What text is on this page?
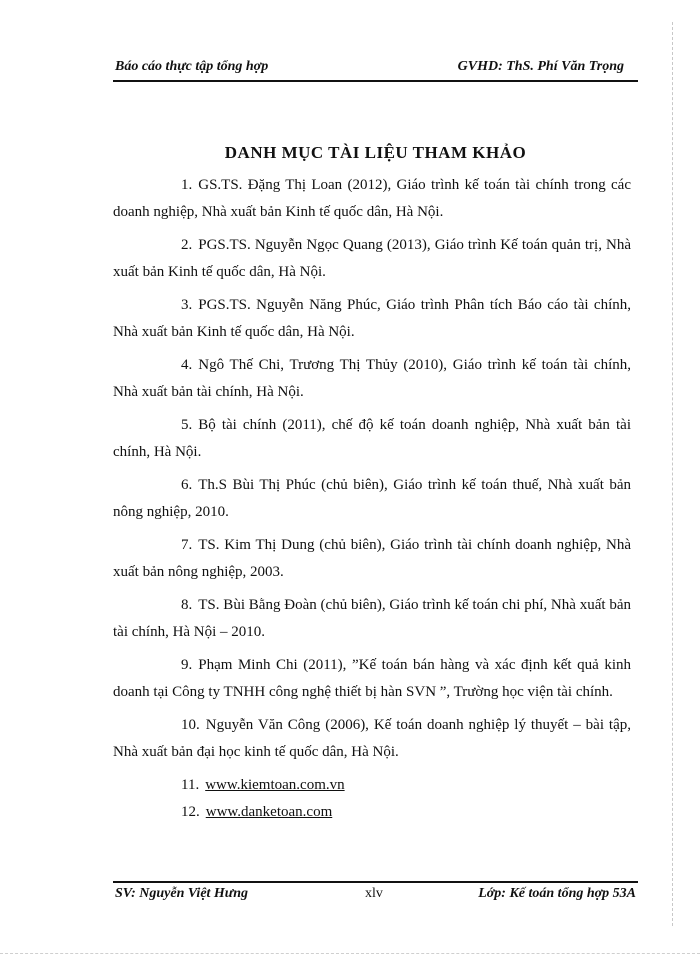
Báo cáo thực tập tổng hợp	GVHD: ThS. Phí Văn Trọng
DANH MỤC TÀI LIỆU THAM KHẢO

1. GS.TS. Đặng Thị Loan (2012), Giáo trình kế toán tài chính trong các doanh nghiệp, Nhà xuất bản Kinh tế quốc dân, Hà Nội.

2. PGS.TS. Nguyễn Ngọc Quang (2013), Giáo trình Kế toán quản trị, Nhà xuất bản Kinh tế quốc dân, Hà Nội.

3. PGS.TS. Nguyễn Năng Phúc, Giáo trình Phân tích Báo cáo tài chính, Nhà xuất bản Kinh tế quốc dân, Hà Nội.

4. Ngô Thế Chi, Trương Thị Thủy (2010), Giáo trình kế toán tài chính, Nhà xuất bản tài chính, Hà Nội.

5. Bộ tài chính (2011), chế độ kế toán doanh nghiệp, Nhà xuất bản tài chính, Hà Nội.

6. Th.S Bùi Thị Phúc (chủ biên), Giáo trình kế toán thuế, Nhà xuất bản nông nghiệp, 2010.

7. TS. Kim Thị Dung (chủ biên), Giáo trình tài chính doanh nghiệp, Nhà xuất bản nông nghiệp, 2003.

8. TS. Bùi Bằng Đoàn (chủ biên), Giáo trình kế toán chi phí, Nhà xuất bản tài chính, Hà Nội – 2010.

9. Phạm Minh Chi (2011), ”Kế toán bán hàng và xác định kết quả kinh doanh tại Công ty TNHH công nghệ thiết bị hàn SVN ”, Trường học viện tài chính.

10. Nguyễn Văn Công (2006), Kế toán doanh nghiệp lý thuyết – bài tập, Nhà xuất bản đại học kinh tế quốc dân, Hà Nội.

11. www.kiemtoan.com.vn

12. www.danketoan.com

SV: Nguyễn Việt Hưng	xlv	Lớp: Kế toán tổng hợp 53A
